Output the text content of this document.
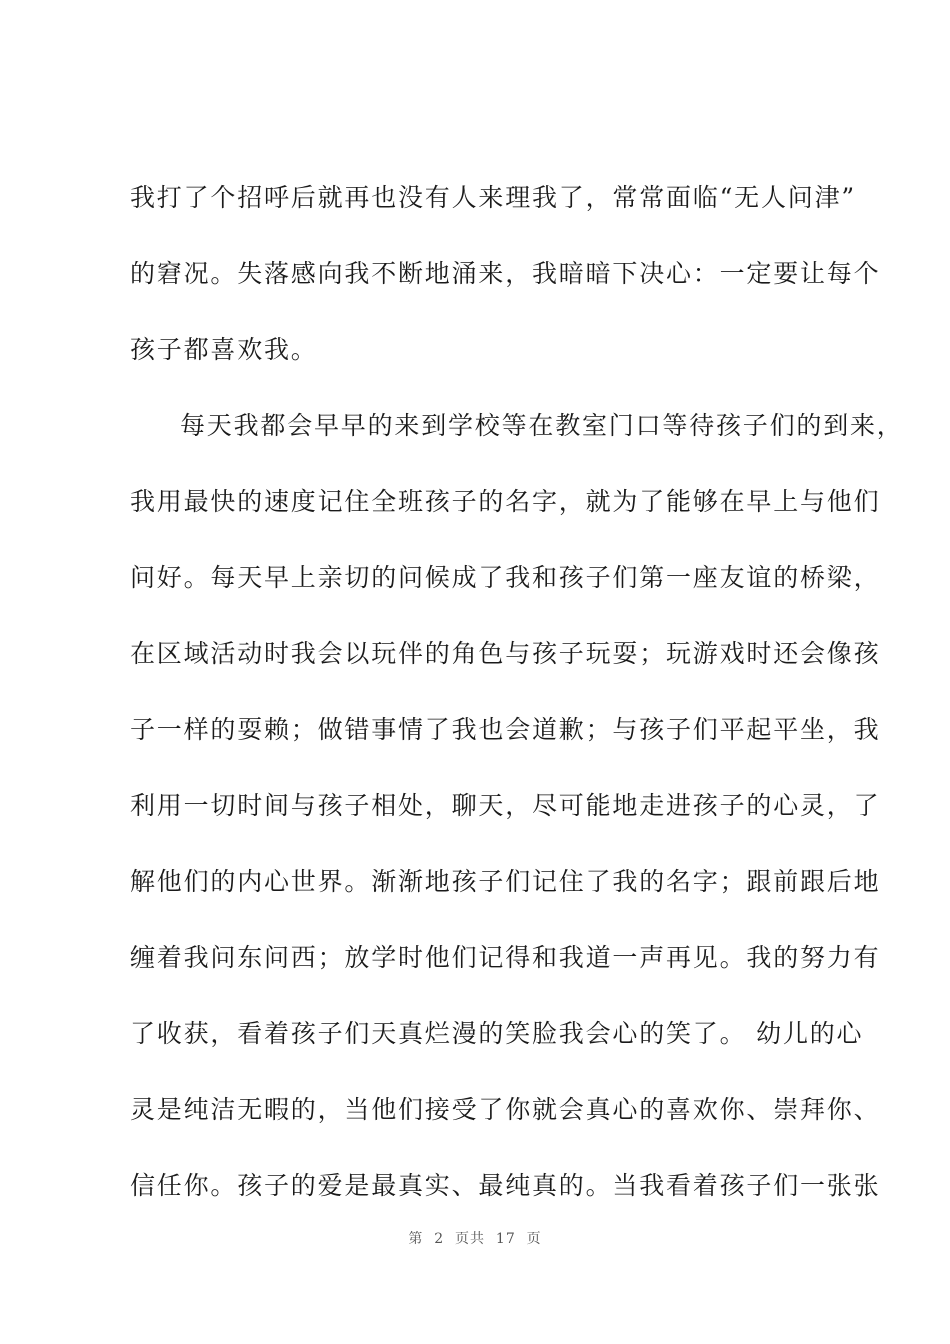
我打了个招呼后就再也没有人来理我了，常常面临“无人问津”
的窘况。失落感向我不断地涌来，我暗暗下决心：一定要让每个
孩子都喜欢我。
每天我都会早早的来到学校等在教室门口等待孩子们的到来，
我用最快的速度记住全班孩子的名字，就为了能够在早上与他们
问好。每天早上亲切的问候成了我和孩子们第一座友谊的桥梁，
在区域活动时我会以玩伴的角色与孩子玩耍；玩游戏时还会像孩
子一样的耍赖；做错事情了我也会道歉；与孩子们平起平坐，我
利用一切时间与孩子相处，聊天，尽可能地走进孩子的心灵，了
解他们的内心世界。渐渐地孩子们记住了我的名字；跟前跟后地
缠着我问东问西；放学时他们记得和我道一声再见。我的努力有
了收获，看着孩子们天真烂漫的笑脸我会心的笑了。 幼儿的心
灵是纯洁无暇的，当他们接受了你就会真心的喜欢你、崇拜你、
信任你。孩子的爱是最真实、最纯真的。当我看着孩子们一张张
第  2  页共  17  页
